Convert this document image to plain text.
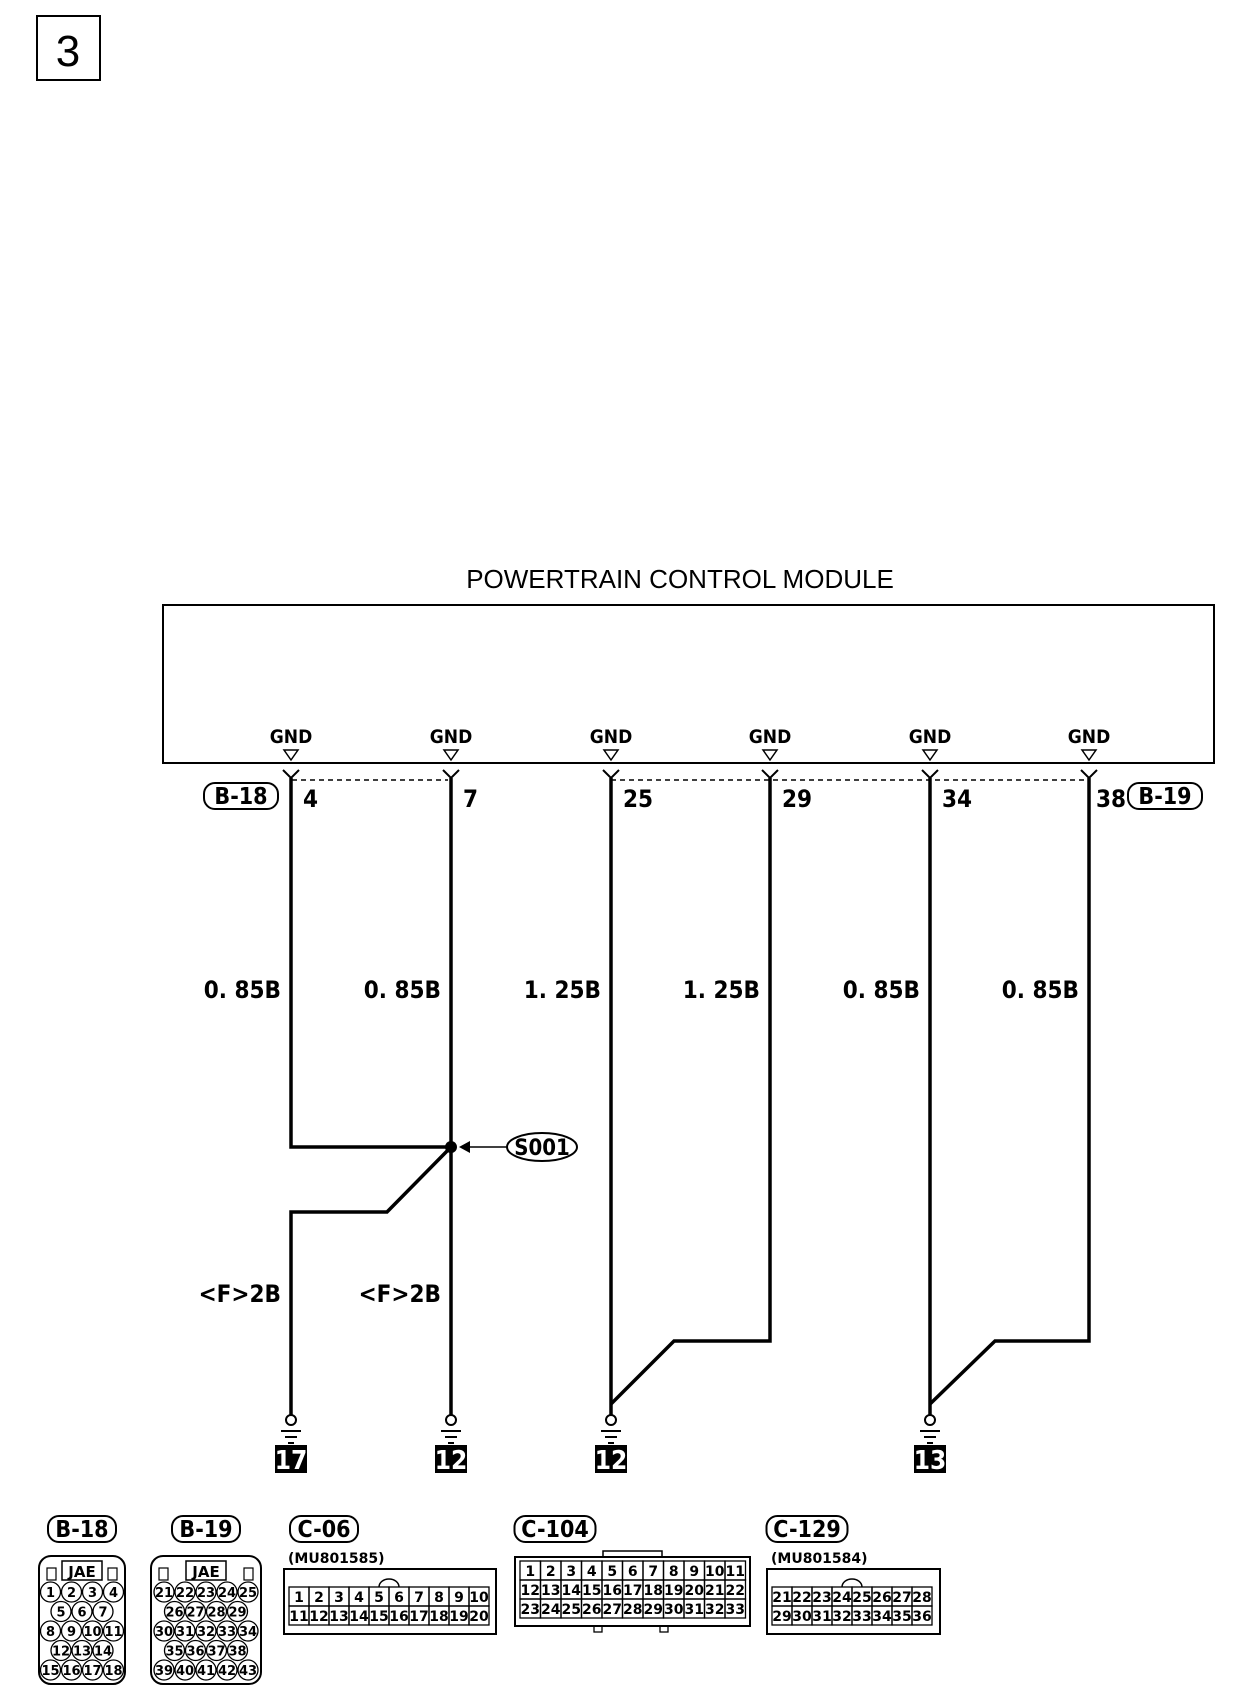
3
POWERTRAIN CONTROL MODULE
GND
4
GND
7
GND
25
GND
29
GND
34
GND
38
B-18	B-19
S001
0. 85B	0. 85B	1. 25B	1. 25B	0. 85B	0. 85B
<F>2B	<F>2B
17	12	12	13
B-18
JAE
1 2 3 4
5 6 7
8 9 10 11
12 13 14
15 16 17 18
B-19
JAE
21 22 23 24 25
26 27 28 29
30 31 32 33 34
35 36 37 38
39 40 41 42 43
C-06
(MU801585)
1 2 3 4 5 6 7 8 9 10
11 12 13 14 15 16 17 18 19 20
C-104
1 2 3 4 5 6 7 8 9 10 11
12 13 14 15 16 17 18 19 20 21 22
23 24 25 26 27 28 29 30 31 32 33
C-129
(MU801584)
21 22 23 24 25 26 27 28
29 30 31 32 33 34 35 36
